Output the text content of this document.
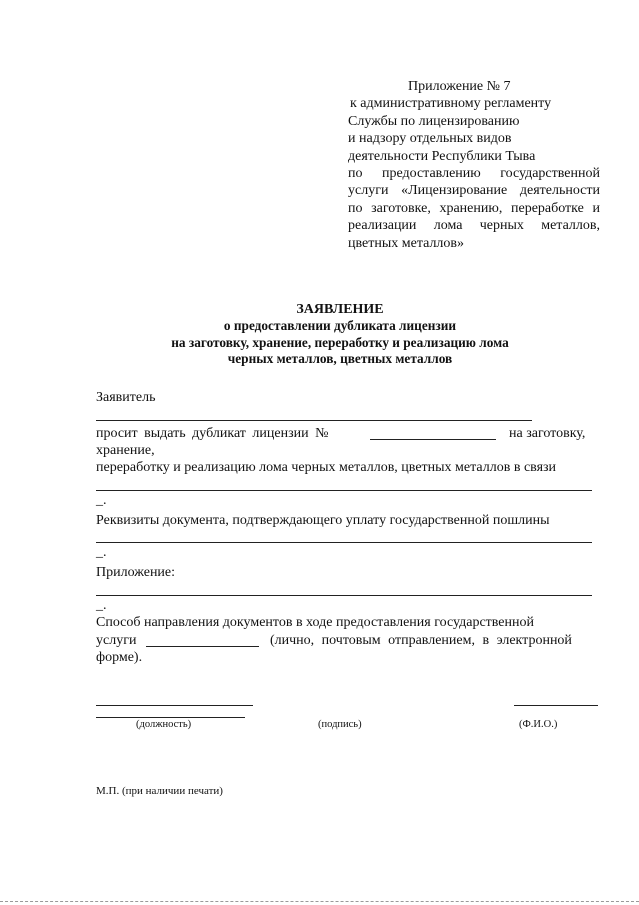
Приложение № 7
к административному регламенту
Службы по лицензированию
и надзору отдельных видов
деятельности Республики Тыва
по предоставлению государственной
услуги «Лицензирование деятельности
по заготовке, хранению, переработке и
реализации лома черных металлов,
цветных металлов»
ЗАЯВЛЕНИЕ
о предоставлении дубликата лицензии
на заготовку, хранение, переработку и реализацию лома
черных металлов, цветных металлов
Заявитель
просит выдать дубликат лицензии №	на заготовку,
хранение,
переработку и реализацию лома черных металлов, цветных металлов в связи
_.
Реквизиты документа, подтверждающего уплату государственной пошлины
_.
Приложение:
_.
Способ направления документов в ходе предоставления государственной
услуги	(лично, почтовым отправлением, в электронной
форме).
(должность)	(подпись)	(Ф.И.О.)
М.П. (при наличии печати)
